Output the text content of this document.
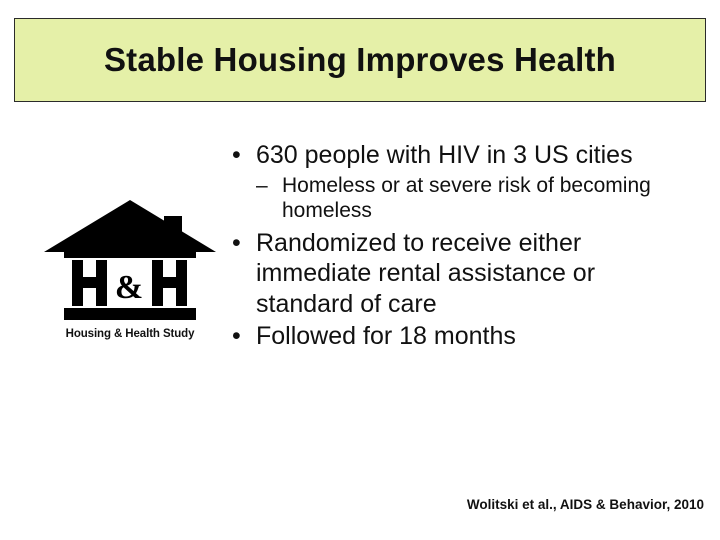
Stable Housing Improves Health
&
Housing & Health Study
• 630 people with HIV in 3 US cities
– Homeless or at severe risk of becoming homeless
• Randomized to receive either immediate rental assistance or standard of care
• Followed for 18 months
Wolitski et al., AIDS & Behavior, 2010
